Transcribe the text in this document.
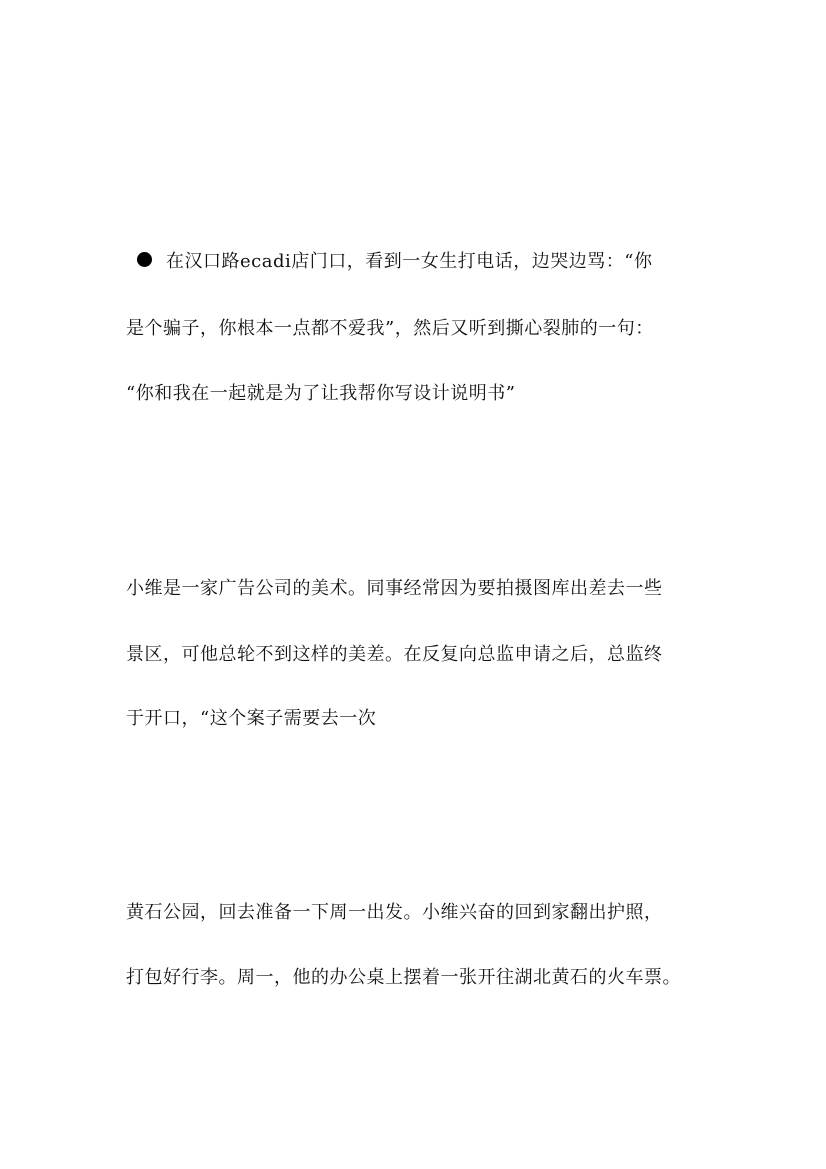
在汉口路ecadi店门口，看到一女生打电话，边哭边骂：“你
是个骗子，你根本一点都不爱我”，然后又听到撕心裂肺的一句：
“你和我在一起就是为了让我帮你写设计说明书”
小维是一家广告公司的美术。同事经常因为要拍摄图库出差去一些
景区，可他总轮不到这样的美差。在反复向总监申请之后，总监终
于开口，“这个案子需要去一次
黄石公园，回去准备一下周一出发。小维兴奋的回到家翻出护照，
打包好行李。周一，他的办公桌上摆着一张开往湖北黄石的火车票。
